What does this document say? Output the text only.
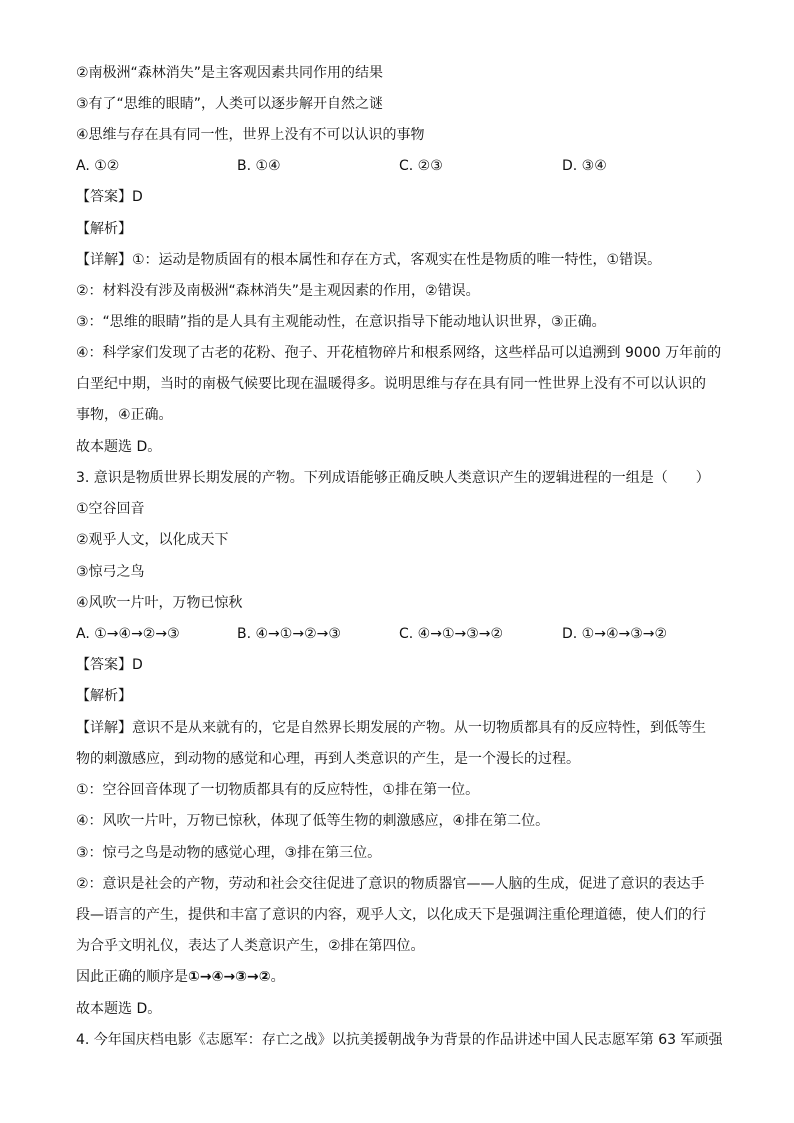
②南极洲“森林消失”是主客观因素共同作用的结果
③有了“思维的眼睛”，人类可以逐步解开自然之谜
④思维与存在具有同一性，世界上没有不可以认识的事物
A. ①②	B. ①④	C. ②③	D. ③④
【答案】D
【解析】
【详解】①：运动是物质固有的根本属性和存在方式，客观实在性是物质的唯一特性，①错误。
②：材料没有涉及南极洲“森林消失”是主观因素的作用，②错误。
③：“思维的眼睛”指的是人具有主观能动性，在意识指导下能动地认识世界，③正确。
④：科学家们发现了古老的花粉、孢子、开花植物碎片和根系网络，这些样品可以追溯到 9000 万年前的
白垩纪中期，当时的南极气候要比现在温暖得多。说明思维与存在具有同一性世界上没有不可以认识的
事物，④正确。
故本题选 D。
3. 意识是物质世界长期发展的产物。下列成语能够正确反映人类意识产生的逻辑进程的一组是（　　）
①空谷回音
②观乎人文，以化成天下
③惊弓之鸟
④风吹一片叶，万物已惊秋
A. ①→④→②→③	B. ④→①→②→③	C. ④→①→③→②	D. ①→④→③→②
【答案】D
【解析】
【详解】意识不是从来就有的，它是自然界长期发展的产物。从一切物质都具有的反应特性，到低等生
物的刺激感应，到动物的感觉和心理，再到人类意识的产生，是一个漫长的过程。
①：空谷回音体现了一切物质都具有的反应特性，①排在第一位。
④：风吹一片叶，万物已惊秋，体现了低等生物的刺激感应，④排在第二位。
③：惊弓之鸟是动物的感觉心理，③排在第三位。
②：意识是社会的产物，劳动和社会交往促进了意识的物质器官——人脑的生成，促进了意识的表达手
段—语言的产生，提供和丰富了意识的内容，观乎人文，以化成天下是强调注重伦理道德，使人们的行
为合乎文明礼仪，表达了人类意识产生，②排在第四位。
因此正确的顺序是①→④→③→②。
故本题选 D。
4. 今年国庆档电影《志愿军：存亡之战》以抗美援朝战争为背景的作品讲述中国人民志愿军第 63 军顽强
